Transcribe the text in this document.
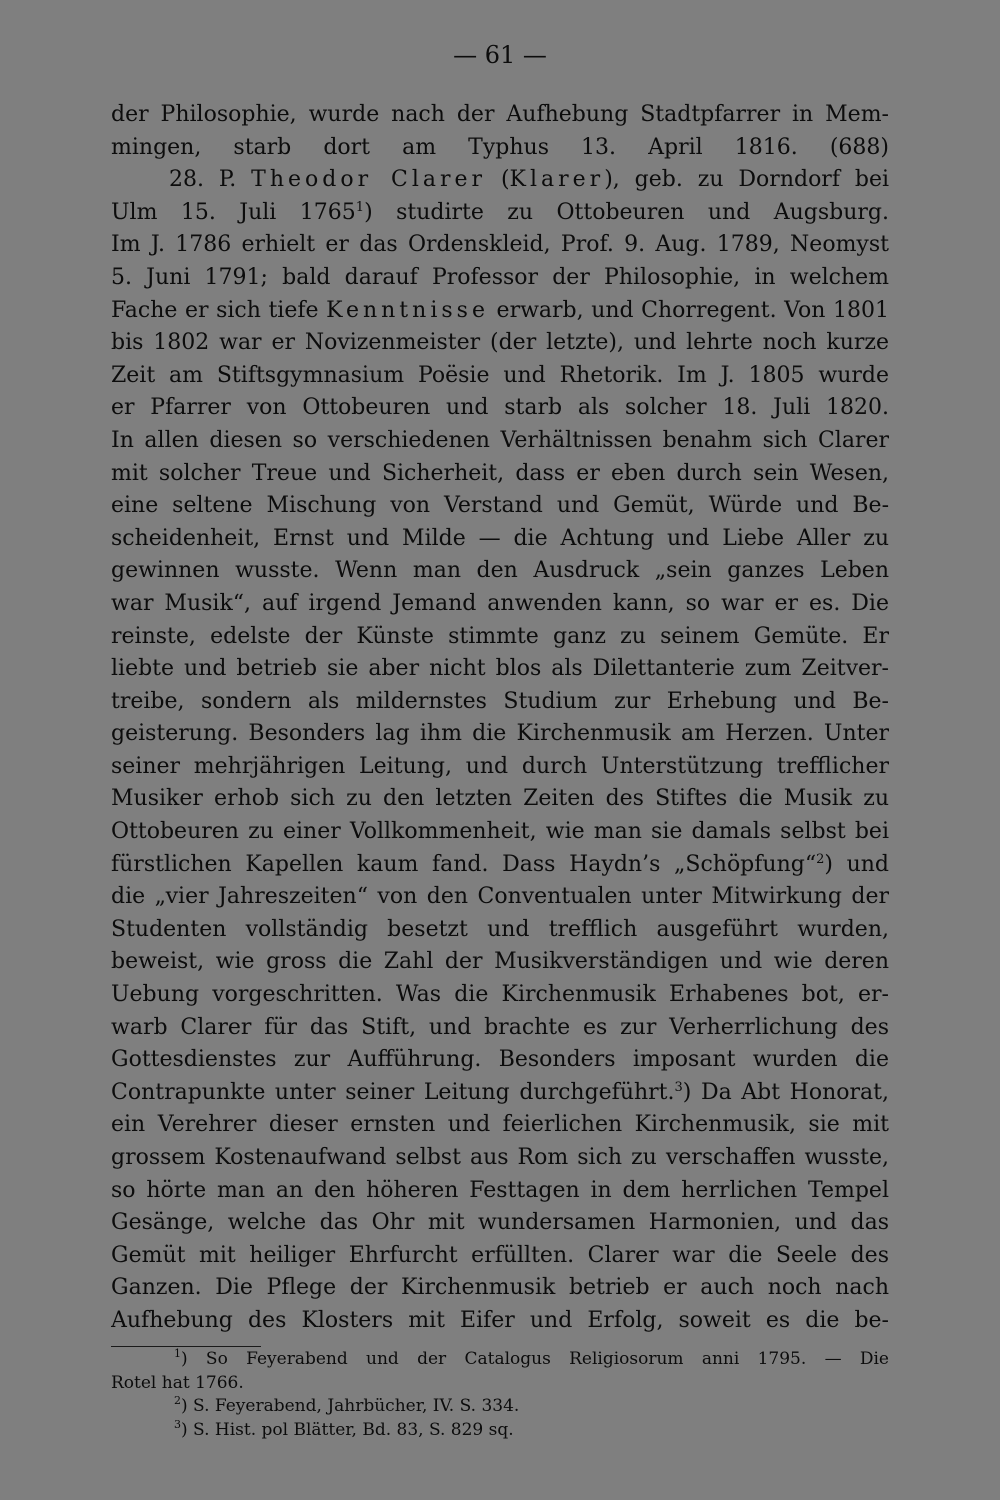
— 61 —
der Philosophie, wurde nach der Aufhebung Stadtpfarrer in Mem-
mingen, starb dort am Typhus 13. April 1816. (688)
28. P. Theodor Clarer (Klarer), geb. zu Dorndorf bei
Ulm 15. Juli 1765$^1$) studirte zu Ottobeuren und Augsburg.
Im J. 1786 erhielt er das Ordenskleid, Prof. 9. Aug. 1789, Neomyst
5. Juni 1791; bald darauf Professor der Philosophie, in welchem
Fache er sich tiefe Kenntnisse erwarb, und Chorregent. Von 1801
bis 1802 war er Novizenmeister (der letzte), und lehrte noch kurze
Zeit am Stiftsgymnasium Poësie und Rhetorik. Im J. 1805 wurde
er Pfarrer von Ottobeuren und starb als solcher 18. Juli 1820.
In allen diesen so verschiedenen Verhältnissen benahm sich Clarer
mit solcher Treue und Sicherheit, dass er eben durch sein Wesen,
eine seltene Mischung von Verstand und Gemüt, Würde und Be-
scheidenheit, Ernst und Milde — die Achtung und Liebe Aller zu
gewinnen wusste. Wenn man den Ausdruck „sein ganzes Leben
war Musik“, auf irgend Jemand anwenden kann, so war er es. Die
reinste, edelste der Künste stimmte ganz zu seinem Gemüte. Er
liebte und betrieb sie aber nicht blos als Dilettanterie zum Zeitver-
treibe, sondern als mildernstes Studium zur Erhebung und Be-
geisterung. Besonders lag ihm die Kirchenmusik am Herzen. Unter
seiner mehrjährigen Leitung, und durch Unterstützung trefflicher
Musiker erhob sich zu den letzten Zeiten des Stiftes die Musik zu
Ottobeuren zu einer Vollkommenheit, wie man sie damals selbst bei
fürstlichen Kapellen kaum fand. Dass Haydn’s „Schöpfung“$^2$) und
die „vier Jahreszeiten“ von den Conventualen unter Mitwirkung der
Studenten vollständig besetzt und trefflich ausgeführt wurden,
beweist, wie gross die Zahl der Musikverständigen und wie deren
Uebung vorgeschritten. Was die Kirchenmusik Erhabenes bot, er-
warb Clarer für das Stift, und brachte es zur Verherrlichung des
Gottesdienstes zur Aufführung. Besonders imposant wurden die
Contrapunkte unter seiner Leitung durchgeführt.$^3$) Da Abt Honorat,
ein Verehrer dieser ernsten und feierlichen Kirchenmusik, sie mit
grossem Kostenaufwand selbst aus Rom sich zu verschaffen wusste,
so hörte man an den höheren Festtagen in dem herrlichen Tempel
Gesänge, welche das Ohr mit wundersamen Harmonien, und das
Gemüt mit heiliger Ehrfurcht erfüllten. Clarer war die Seele des
Ganzen. Die Pflege der Kirchenmusik betrieb er auch noch nach
Aufhebung des Klosters mit Eifer und Erfolg, soweit es die be-
$^1$) So Feyerabend und der Catalogus Religiosorum anni 1795. — Die
Rotel hat 1766.
$^2$) S. Feyerabend, Jahrbücher, IV. S. 334.
$^3$) S. Hist. pol Blätter, Bd. 83, S. 829 sq.
